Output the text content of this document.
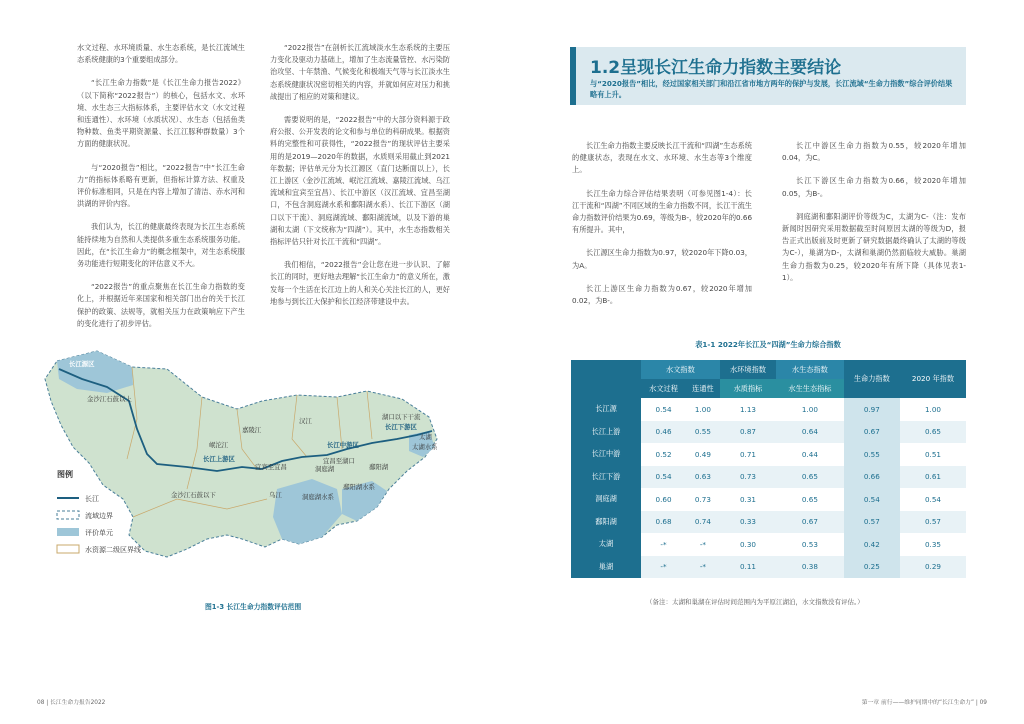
水文过程、水环境质量、水生态系统，是长江流域生态系统健康的3个重要组成部分。

“长江生命力指数”是《长江生命力报告2022》（以下简称“2022报告”）的核心，包括水文、水环境、水生态三大指标体系，主要评估水文（水文过程和连通性）、水环境（水质状况）、水生态（包括鱼类物种数、鱼类平期资源量、长江江豚种群数量）3个方面的健康状况。

与“2020报告”相比，“2022报告”中“长江生命力”的指标体系略有更新，但指标计算方法、权重及评价标准相同，只是在内容上增加了清洁、赤水河和洪湖的评价内容。

我们认为，长江的健康最终表现为长江生态系统能持续地为自然和人类提供多重生态系统服务功能。因此，在“长江生命力”的概念框架中，对生态系统服务功能进行短期变化的评估意义不大。

“2022报告”的重点聚焦在长江生命力指数的变化上，并根据近年来国家和相关部门出台的关于长江保护的政策、法规等，就相关压力在政策响应下产生的变化进行了初步评估。

“2022报告”在剖析长江流域淡水生态系统的主要压力变化及驱动力基础上，增加了生态流量管控、水污染防治攻坚、十年禁渔、气候变化和极端天气等与长江淡水生态系统健康状况密切相关的内容，并就如何应对压力和挑战提出了相应的对策和建议。

需要说明的是，“2022报告”中的大部分资料源于政府公报、公开发表的论文和参与单位的科研成果。根据资料的完整性和可获得性，“2022报告”的现状评估主要采用的是2019—2020年的数据，水质则采用截止到2021年数据；评估单元分为长江源区（直门达断面以上），长江上游区（金沙江流域、岷沱江流域、嘉陵江流域、乌江流域和宜宾至宜昌）、长江中游区（汉江流域、宜昌至湖口，不包含洞庭湖水系和鄱阳湖水系）、长江下游区（湖口以下干流）、洞庭湖流域、鄱阳湖流域，以及下游的巢湖和太湖（下文统称为“四湖”）。其中，水生态指数相关指标评估只针对长江干流和“四湖”。

我们相信，“2022报告”会让您在进一步认识、了解长江的同时，更好地去理解“长江生命力”的意义所在，激发每一个生活在长江边上的人和关心关注长江的人，更好地参与到长江大保护和长江经济带建设中去。

长江源区
金沙江石鼓以上
金沙江石鼓以下
岷沱江
长江上游区
嘉陵江
宜宾至宜昌
乌江
汉江
长江中游区
洞庭湖水系
宜昌至湖口
鄱阳湖水系
长江下游区
湖口以下干流
太湖水系
洞庭湖	鄱阳湖
太湖
图例
长江
流域边界
评价单元
水资源二级区界线
图1-3 长江生命力指数评估范围
08 | 长江生命力报告2022
1.2呈现长江生命力指数主要结论
与“2020报告”相比，经过国家相关部门和沿江省市地方两年的保护与发展，长江流域“生命力指数”综合评价结果略有上升。

长江生命力指数主要反映长江干流和“四湖”生态系统的健康状态，表现在水文、水环境、水生态等3个维度上。

长江生命力综合评估结果表明（可参见图1-4）：长江干流和“四湖”不同区域的生命力指数不同，长江干流生命力指数评价结果为0.69，等级为B-，较2020年的0.66有所提升。其中，

长江源区生命力指数为0.97，较2020年下降0.03，为A。

长江上游区生命力指数为0.67，较2020年增加0.02，为B-。

长江中游区生命力指数为0.55，较2020年增加0.04，为C。

长江下游区生命力指数为0.66，较2020年增加0.05，为B-。

洞庭湖和鄱阳湖评价等级为C，太湖为C-（注：发布新闻时因研究采用数据截至时间原因太湖的等级为D，报告正式出版前及时更新了研究数据最终确认了太湖的等级为C-），巢湖为D-，太湖和巢湖仍然面临较大威胁。巢湖生命力指数为0.25，较2020年有所下降（具体见表1-1）。

表1-1 2022年长江及“四湖”生命力综合指数
	水文指数		水环境指数	水生态指数	生命力指数	2020 年指数
	水文过程	连通性	水质指标	水生生态指标		
长江源	0.54	1.00	1.13	1.00	0.97	1.00
长江上游	0.46	0.55	0.87	0.64	0.67	0.65
长江中游	0.52	0.49	0.71	0.44	0.55	0.51
长江下游	0.54	0.63	0.73	0.65	0.66	0.61
洞庭湖	0.60	0.73	0.31	0.65	0.54	0.54
鄱阳湖	0.68	0.74	0.33	0.67	0.57	0.57
太湖	-*	-*	0.30	0.53	0.42	0.35
巢湖	-*	-*	0.11	0.38	0.25	0.29
（备注：太湖和巢湖在评估时间范围内为平原江湖泊，水文指数没有评估。）
第一章 前行——维护同期中的“长江生命力” | 09
